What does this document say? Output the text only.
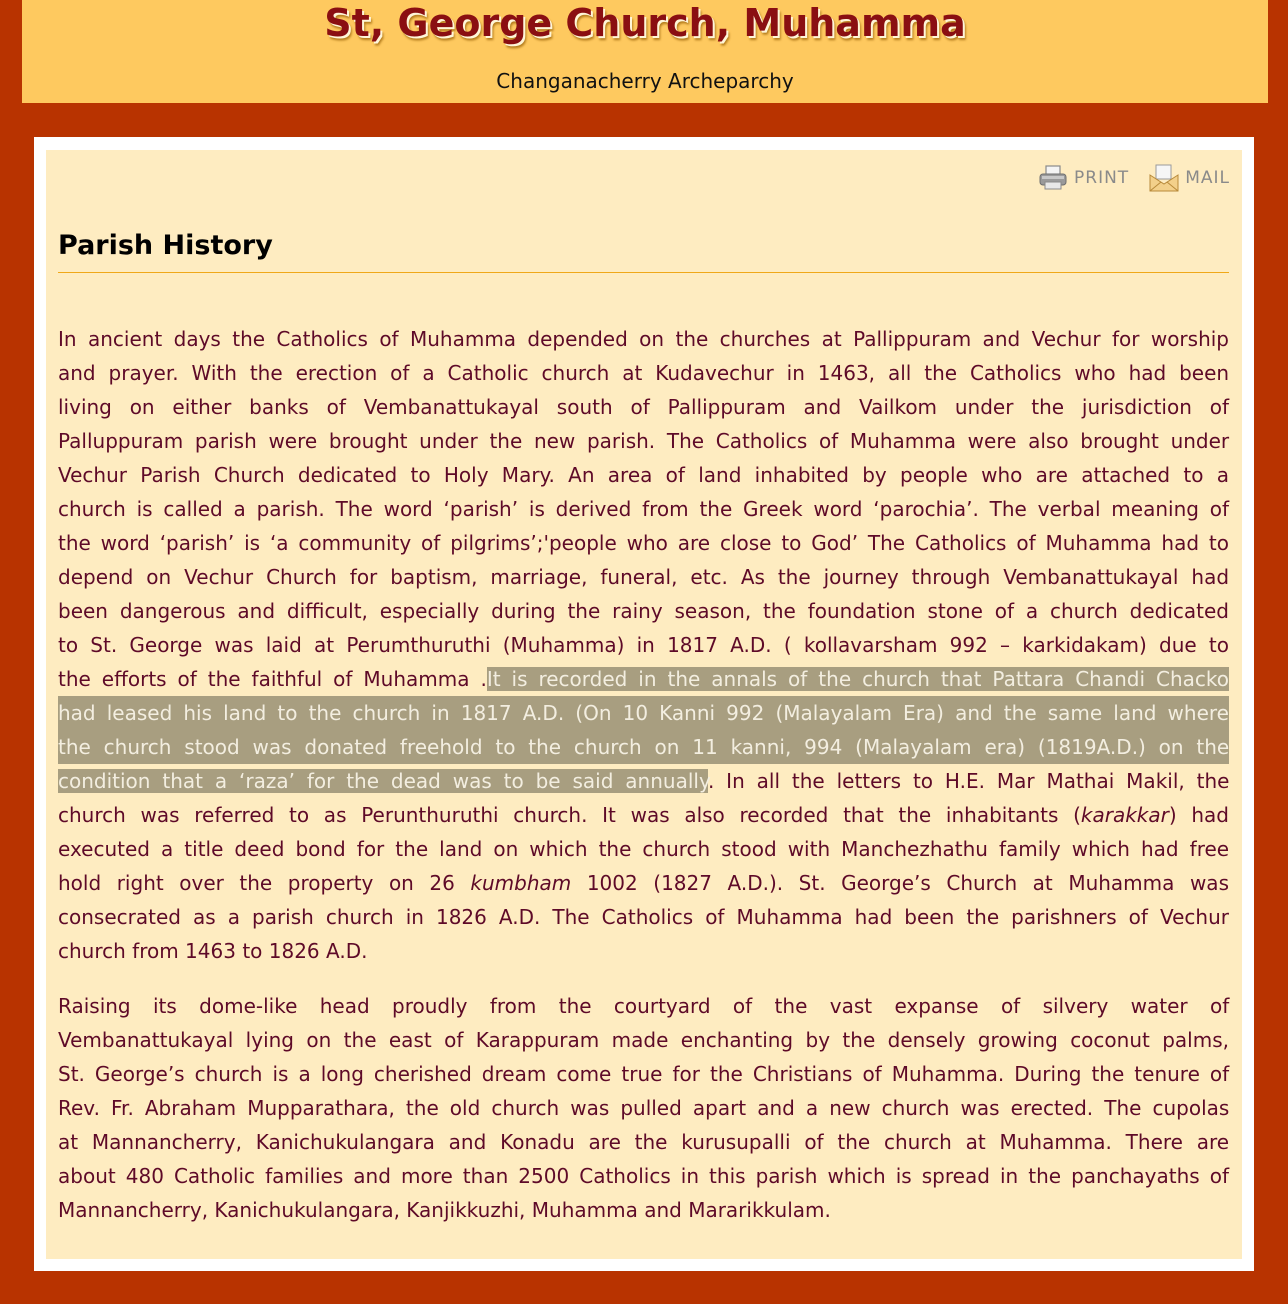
St, George Church, Muhamma
Changanacherry Archeparchy
PRINT	MAIL
Parish History
In ancient days the Catholics of Muhamma depended on the churches at Pallippuram and Vechur for worship
and prayer. With the erection of a Catholic church at Kudavechur in 1463, all the Catholics who had been
living on either banks of Vembanattukayal south of Pallippuram and Vailkom under the jurisdiction of
Palluppuram parish were brought under the new parish. The Catholics of Muhamma were also brought under
Vechur Parish Church dedicated to Holy Mary. An area of land inhabited by people who are attached to a
church is called a parish. The word ‘parish’ is derived from the Greek word ‘parochia’. The verbal meaning of
the word ‘parish’ is ‘a community of pilgrims’;'people who are close to God’ The Catholics of Muhamma had to
depend on Vechur Church for baptism, marriage, funeral, etc. As the journey through Vembanattukayal had
been dangerous and difficult, especially during the rainy season, the foundation stone of a church dedicated
to St. George was laid at Perumthuruthi (Muhamma) in 1817 A.D. ( kollavarsham 992 – karkidakam) due to
the efforts of the faithful of Muhamma .It is recorded in the annals of the church that Pattara Chandi Chacko
had leased his land to the church in 1817 A.D. (On 10 Kanni 992 (Malayalam Era) and the same land where
the church stood was donated freehold to the church on 11 kanni, 994 (Malayalam era) (1819A.D.) on the
condition that a ‘raza’ for the dead was to be said annually. In all the letters to H.E. Mar Mathai Makil, the
church was referred to as Perunthuruthi church. It was also recorded that the inhabitants (karakkar) had
executed a title deed bond for the land on which the church stood with Manchezhathu family which had free
hold right over the property on 26 kumbham 1002 (1827 A.D.). St. George’s Church at Muhamma was
consecrated as a parish church in 1826 A.D. The Catholics of Muhamma had been the parishners of Vechur
church from 1463 to 1826 A.D.
Raising its dome-like head proudly from the courtyard of the vast expanse of silvery water of
Vembanattukayal lying on the east of Karappuram made enchanting by the densely growing coconut palms,
St. George’s church is a long cherished dream come true for the Christians of Muhamma. During the tenure of
Rev. Fr. Abraham Mupparathara, the old church was pulled apart and a new church was erected. The cupolas
at Mannancherry, Kanichukulangara and Konadu are the kurusupalli of the church at Muhamma. There are
about 480 Catholic families and more than 2500 Catholics in this parish which is spread in the panchayaths of
Mannancherry, Kanichukulangara, Kanjikkuzhi, Muhamma and Mararikkulam.
